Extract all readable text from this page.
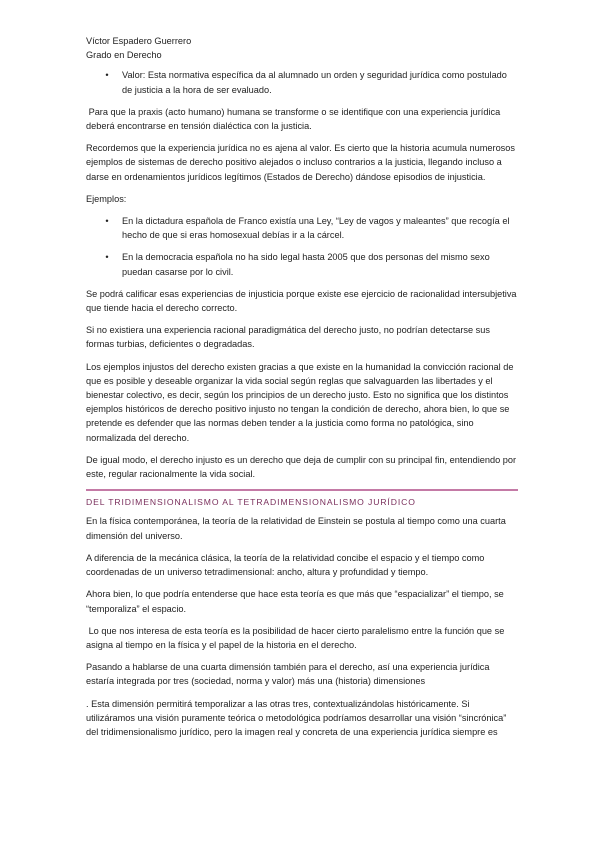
Víctor Espadero Guerrero
Grado en Derecho
• Valor: Esta normativa específica da al alumnado un orden y seguridad jurídica como postulado de justicia a la hora de ser evaluado.

Para que la praxis (acto humano) humana se transforme o se identifique con una experiencia jurídica deberá encontrarse en tensión dialéctica con la justicia.

Recordemos que la experiencia jurídica no es ajena al valor. Es cierto que la historia acumula numerosos ejemplos de sistemas de derecho positivo alejados o incluso contrarios a la justicia, llegando incluso a darse en ordenamientos jurídicos legítimos (Estados de Derecho) dándose episodios de injusticia.

Ejemplos:

• En la dictadura española de Franco existía una Ley, “Ley de vagos y maleantes” que recogía el hecho de que si eras homosexual debías ir a la cárcel.
• En la democracia española no ha sido legal hasta 2005 que dos personas del mismo sexo puedan casarse por lo civil.

Se podrá calificar esas experiencias de injusticia porque existe ese ejercicio de racionalidad intersubjetiva que tiende hacia el derecho correcto.

Si no existiera una experiencia racional paradigmática del derecho justo, no podrían detectarse sus formas turbias, deficientes o degradadas.

Los ejemplos injustos del derecho existen gracias a que existe en la humanidad la convicción racional de que es posible y deseable organizar la vida social según reglas que salvaguarden las libertades y el bienestar colectivo, es decir, según los principios de un derecho justo. Esto no significa que los distintos ejemplos históricos de derecho positivo injusto no tengan la condición de derecho, ahora bien, lo que se pretende es defender que las normas deben tender a la justicia como forma no patológica, sino normalizada del derecho.

De igual modo, el derecho injusto es un derecho que deja de cumplir con su principal fin, entendiendo por este, regular racionalmente la vida social.

DEL TRIDIMENSIONALISMO AL TETRADIMENSIONALISMO JURÍDICO

En la física contemporánea, la teoría de la relatividad de Einstein se postula al tiempo como una cuarta dimensión del universo.

A diferencia de la mecánica clásica, la teoría de la relatividad concibe el espacio y el tiempo como coordenadas de un universo tetradimensional: ancho, altura y profundidad y tiempo.

Ahora bien, lo que podría entenderse que hace esta teoría es que más que “espacializar” el tiempo, se “temporaliza” el espacio.

Lo que nos interesa de esta teoría es la posibilidad de hacer cierto paralelismo entre la función que se asigna al tiempo en la física y el papel de la historia en el derecho.

Pasando a hablarse de una cuarta dimensión también para el derecho, así una experiencia jurídica estaría integrada por tres (sociedad, norma y valor) más una (historia) dimensiones

. Esta dimensión permitirá temporalizar a las otras tres, contextualizándolas históricamente. Si utilizáramos una visión puramente teórica o metodológica podríamos desarrollar una visión “sincrónica” del tridimensionalismo jurídico, pero la imagen real y concreta de una experiencia jurídica siempre es
